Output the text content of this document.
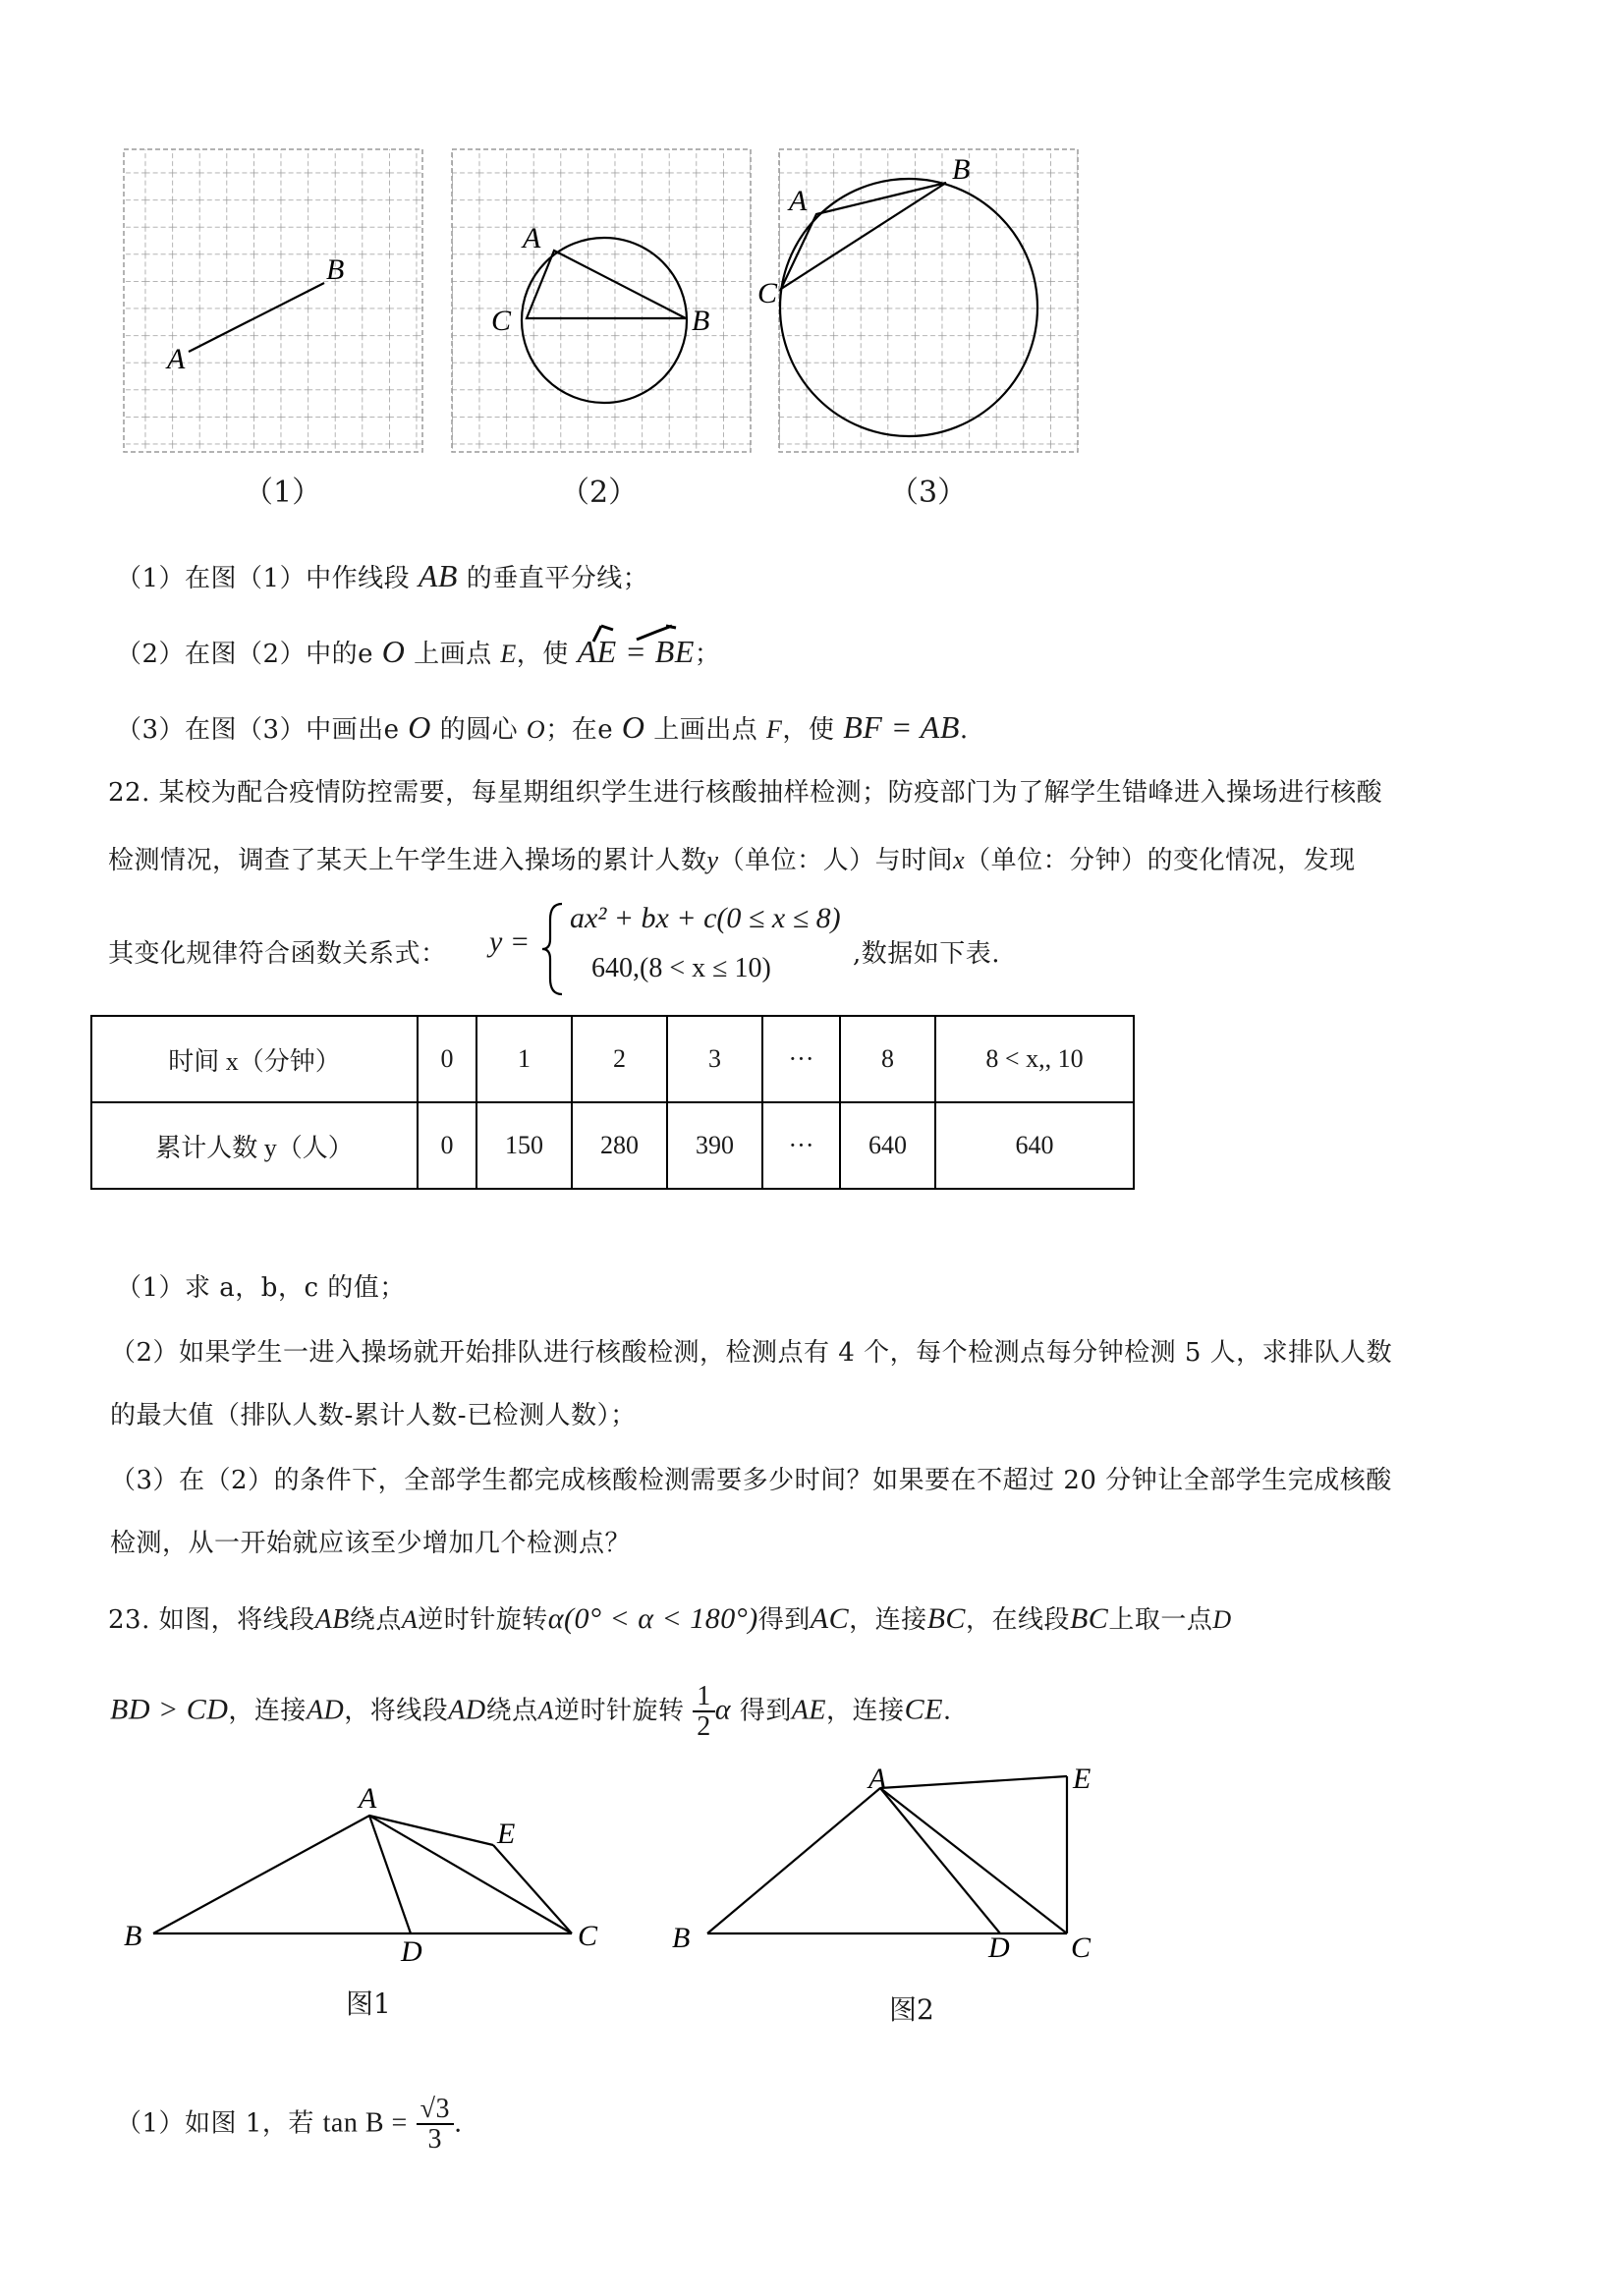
A
B
A
C	B
A
B
C
（1）	（2）	（3）
（1）在图（1）中作线段 AB 的垂直平分线；
（2）在图（2）中的e O 上画点 E，使 AE = BE；
（3）在图（3）中画出e O 的圆心 O；在e O 上画出点 F，使 BF = AB.
22. 某校为配合疫情防控需要，每星期组织学生进行核酸抽样检测；防疫部门为了解学生错峰进入操场进行核酸
检测情况，调查了某天上午学生进入操场的累计人数y（单位：人）与时间x（单位：分钟）的变化情况，发现
其变化规律符合函数关系式： y =
ax² + bx + c(0 ≤ x ≤ 8)
640,(8 < x ≤ 10)	,数据如下表.
时间 x（分钟）	0	1	2	3	···	8	8 < x,, 10
累计人数 y（人）	0	150	280	390	···	640	640
（1）求 a，b，c 的值；
（2）如果学生一进入操场就开始排队进行核酸检测，检测点有 4 个，每个检测点每分钟检测 5 人，求排队人数
的最大值（排队人数-累计人数-已检测人数）；
（3）在（2）的条件下，全部学生都完成核酸检测需要多少时间？如果要在不超过 20 分钟让全部学生完成核酸
检测，从一开始就应该至少增加几个检测点？
23. 如图，将线段AB绕点A逆时针旋转α(0° < α < 180°)得到AC，连接BC，在线段BC上取一点D
BD > CD，连接AD，将线段AD绕点A逆时针旋转 $\frac{1}{2}$ α 得到AE，连接CE.
A
B	C
D
E
图1
A
B	C
D
E
图2
（1）如图 1，若 $\tan B = \frac{√3}{3}$ .
